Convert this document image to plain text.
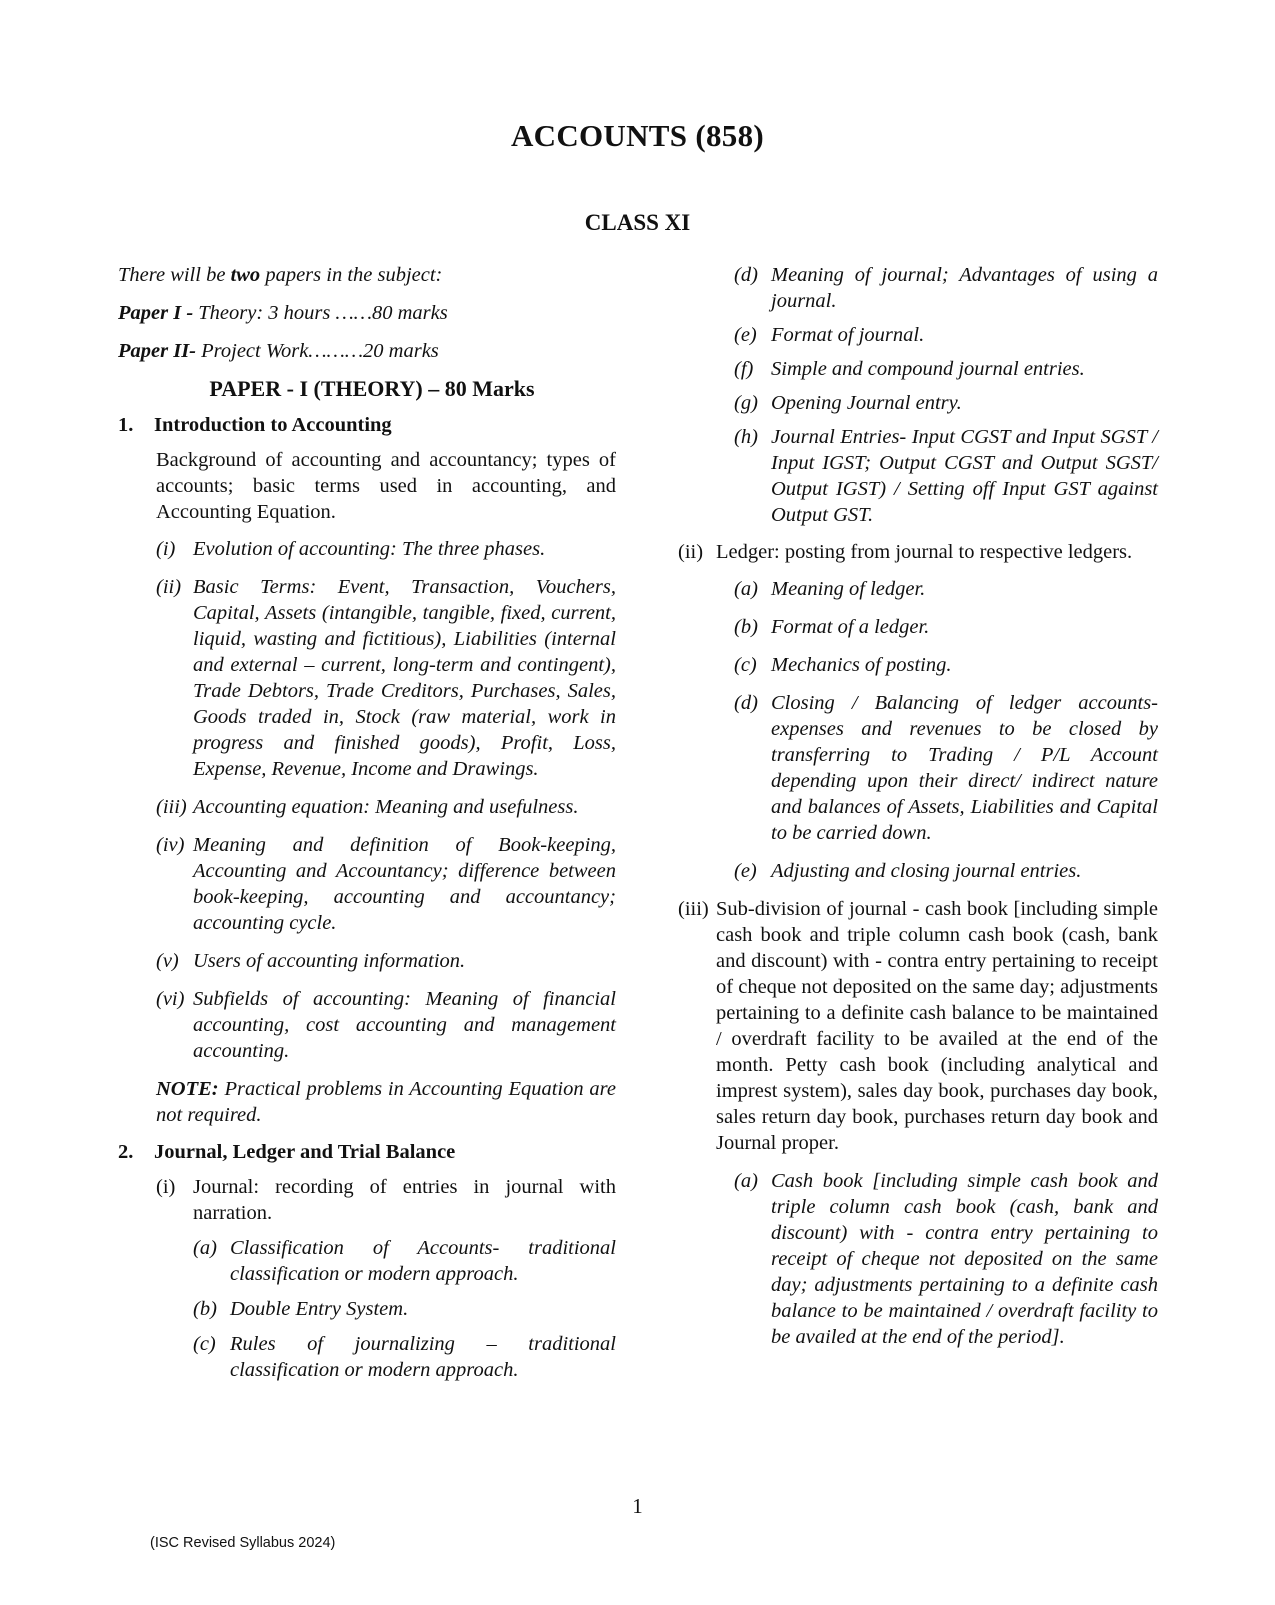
ACCOUNTS (858)
CLASS XI

There will be two papers in the subject:

Paper I - Theory: 3 hours ……80 marks

Paper II- Project Work………20 marks

PAPER - I (THEORY) – 80 Marks
1.	Introduction to Accounting

Background of accounting and accountancy; types of accounts; basic terms used in accounting, and Accounting Equation.

(i) Evolution of accounting: The three phases.
(ii) Basic Terms: Event, Transaction, Vouchers, Capital, Assets (intangible, tangible, fixed, current, liquid, wasting and fictitious), Liabilities (internal and external – current, long-term and contingent), Trade Debtors, Trade Creditors, Purchases, Sales, Goods traded in, Stock (raw material, work in progress and finished goods), Profit, Loss, Expense, Revenue, Income and Drawings.
(iii) Accounting equation: Meaning and usefulness.
(iv) Meaning and definition of Book-keeping, Accounting and Accountancy; difference between book-keeping, accounting and accountancy; accounting cycle.
(v) Users of accounting information.
(vi) Subfields of accounting: Meaning of financial accounting, cost accounting and management accounting.

NOTE: Practical problems in Accounting Equation are not required.

2.	Journal, Ledger and Trial Balance
(i) Journal: recording of entries in journal with narration.
(a) Classification of Accounts- traditional classification or modern approach.
(b) Double Entry System.
(c) Rules of journalizing – traditional classification or modern approach.
(d) Meaning of journal; Advantages of using a journal.
(e) Format of journal.
(f) Simple and compound journal entries.
(g) Opening Journal entry.
(h) Journal Entries- Input CGST and Input SGST / Input IGST; Output CGST and Output SGST/ Output IGST) / Setting off Input GST against Output GST.
(ii) Ledger: posting from journal to respective ledgers.
(a) Meaning of ledger.
(b) Format of a ledger.
(c) Mechanics of posting.
(d) Closing / Balancing of ledger accounts- expenses and revenues to be closed by transferring to Trading / P/L Account depending upon their direct/ indirect nature and balances of Assets, Liabilities and Capital to be carried down.
(e) Adjusting and closing journal entries.
(iii) Sub-division of journal - cash book [including simple cash book and triple column cash book (cash, bank and discount) with - contra entry pertaining to receipt of cheque not deposited on the same day; adjustments pertaining to a definite cash balance to be maintained / overdraft facility to be availed at the end of the month. Petty cash book (including analytical and imprest system), sales day book, purchases day book, sales return day book, purchases return day book and Journal proper.
(a) Cash book [including simple cash book and triple column cash book (cash, bank and discount) with - contra entry pertaining to receipt of cheque not deposited on the same day; adjustments pertaining to a definite cash balance to be maintained / overdraft facility to be availed at the end of the period].
1
(ISC Revised Syllabus 2024)
